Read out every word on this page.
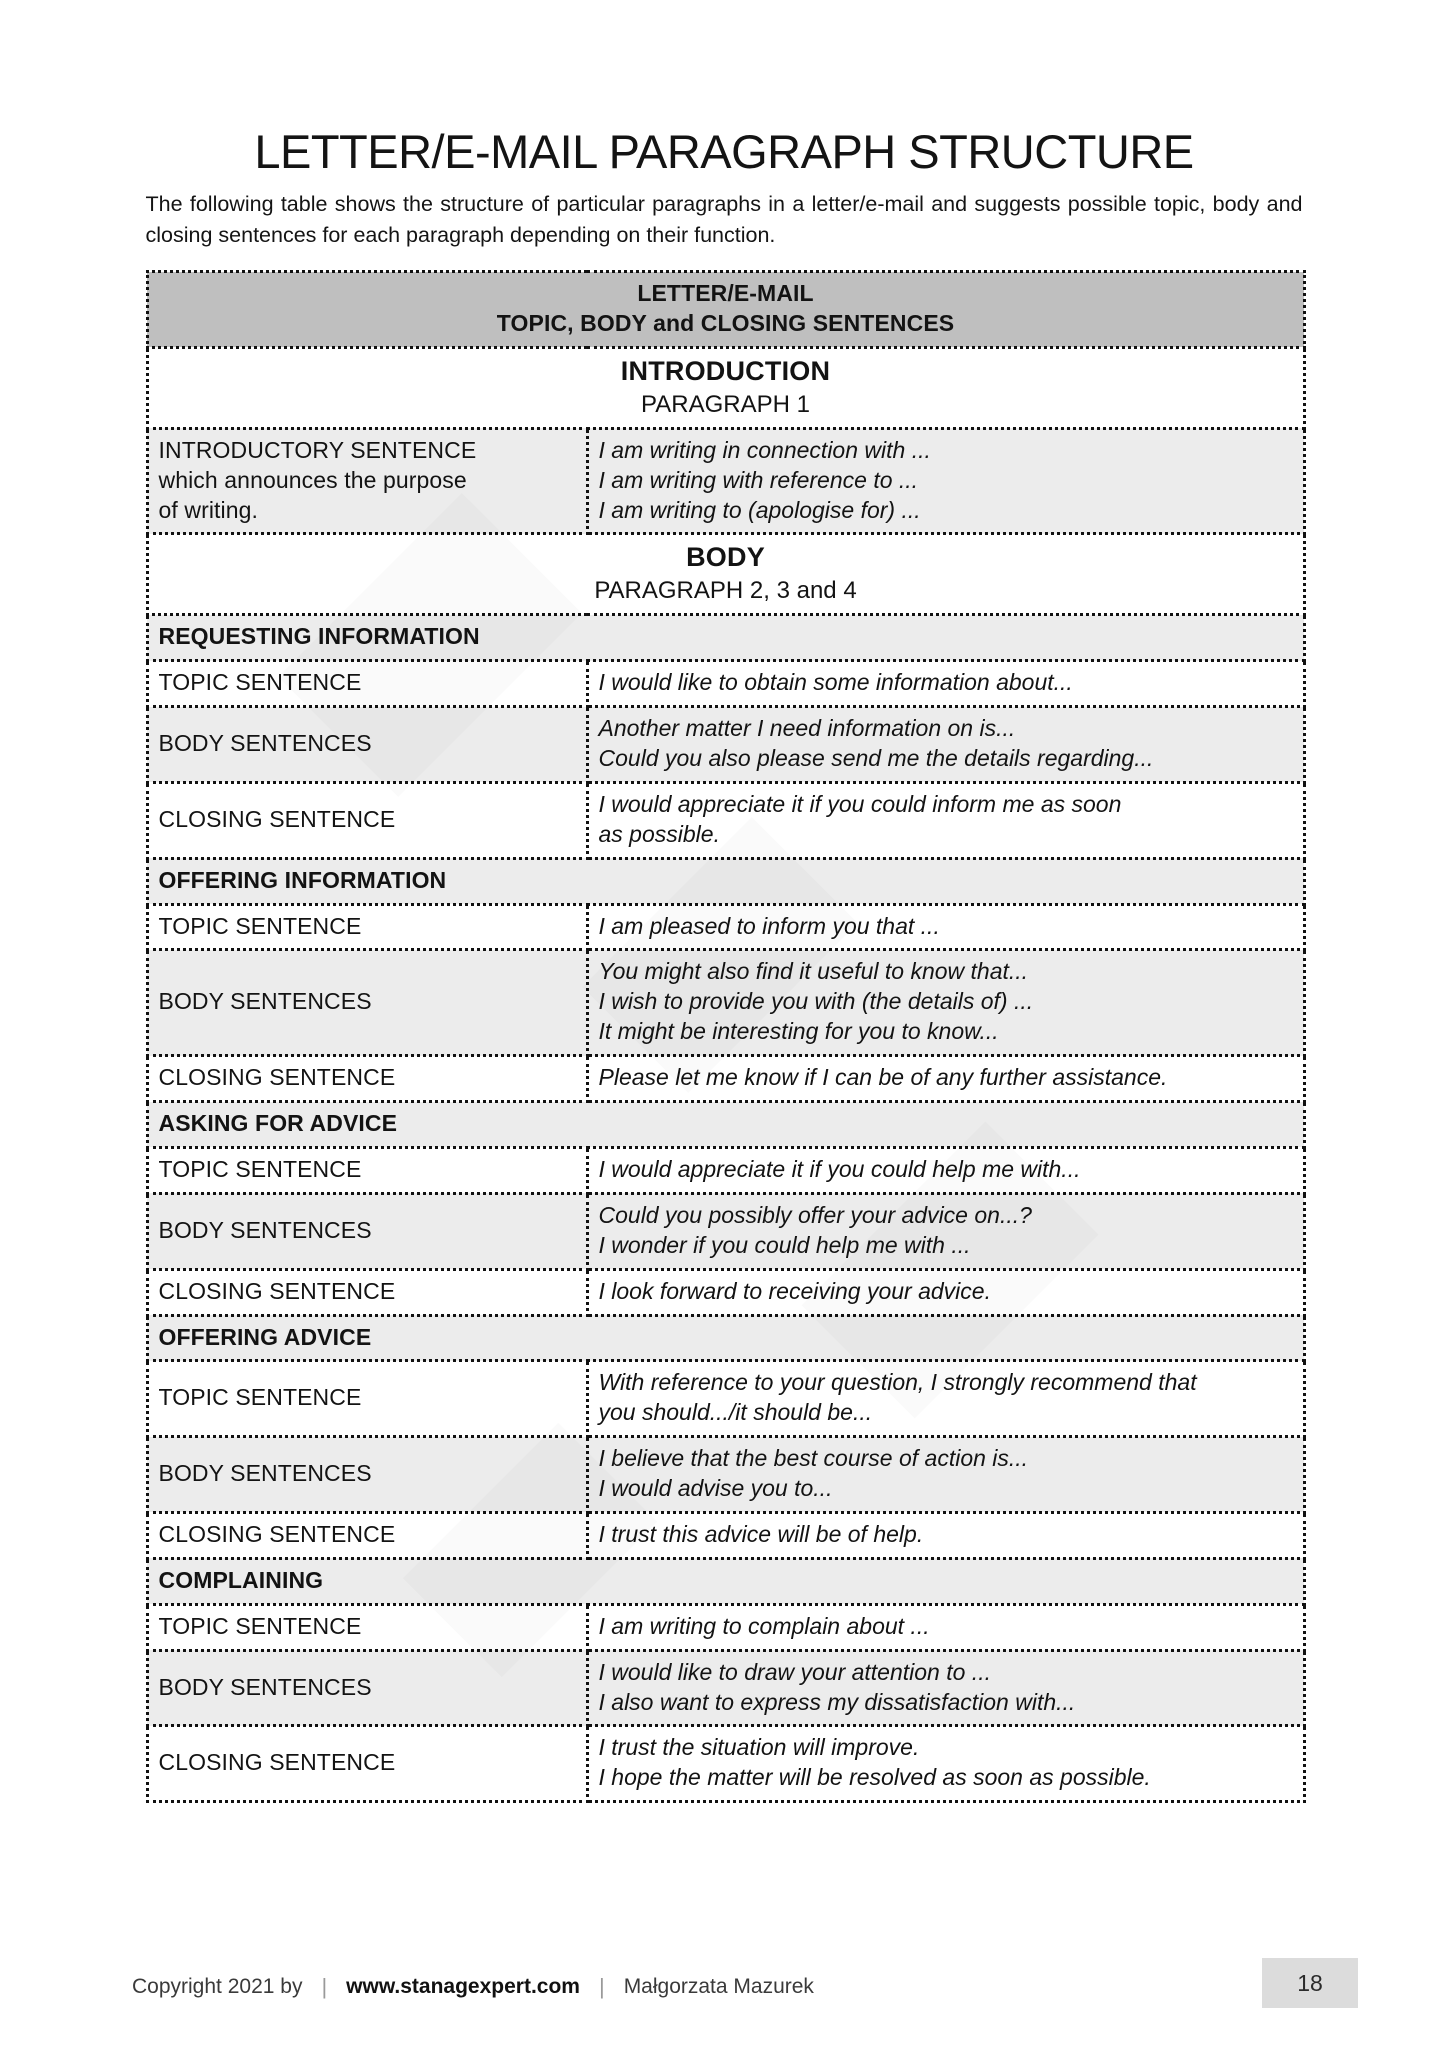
LETTER/E-MAIL PARAGRAPH STRUCTURE

The following table shows the structure of particular paragraphs in a letter/e-mail and suggests possible topic, body and closing sentences for each paragraph depending on their function.

LETTER/E-MAIL
TOPIC, BODY and CLOSING SENTENCES	

INTRODUCTION
PARAGRAPH 1	

INTRODUCTORY SENTENCE
which announces the purpose
of writing.	I am writing in connection with ...
I am writing with reference to ...
I am writing to (apologise for) ...

BODY
PARAGRAPH 2, 3 and 4	

REQUESTING INFORMATION	
TOPIC SENTENCE	I would like to obtain some information about...

BODY SENTENCES	Another matter I need information on is...
Could you also please send me the details regarding...

CLOSING SENTENCE	I would appreciate it if you could inform me as soon
as possible.

OFFERING INFORMATION	
TOPIC SENTENCE	I am pleased to inform you that ...

BODY SENTENCES	You might also find it useful to know that...
I wish to provide you with (the details of) ...
It might be interesting for you to know...

CLOSING SENTENCE	Please let me know if I can be of any further assistance.

ASKING FOR ADVICE	
TOPIC SENTENCE	I would appreciate it if you could help me with...

BODY SENTENCES	Could you possibly offer your advice on...?
I wonder if you could help me with ...

CLOSING SENTENCE	I look forward to receiving your advice.

OFFERING ADVICE	
TOPIC SENTENCE	With reference to your question, I strongly recommend that
you should.../it should be...

BODY SENTENCES	I believe that the best course of action is...
I would advise you to...

CLOSING SENTENCE	I trust this advice will be of help.

COMPLAINING	
TOPIC SENTENCE	I am writing to complain about ...

BODY SENTENCES	I would like to draw your attention to ...
I also want to express my dissatisfaction with...

CLOSING SENTENCE	I trust the situation will improve.
I hope the matter will be resolved as soon as possible.
Copyright 2021 by | www.stanagexpert.com | Małgorzata Mazurek	18
